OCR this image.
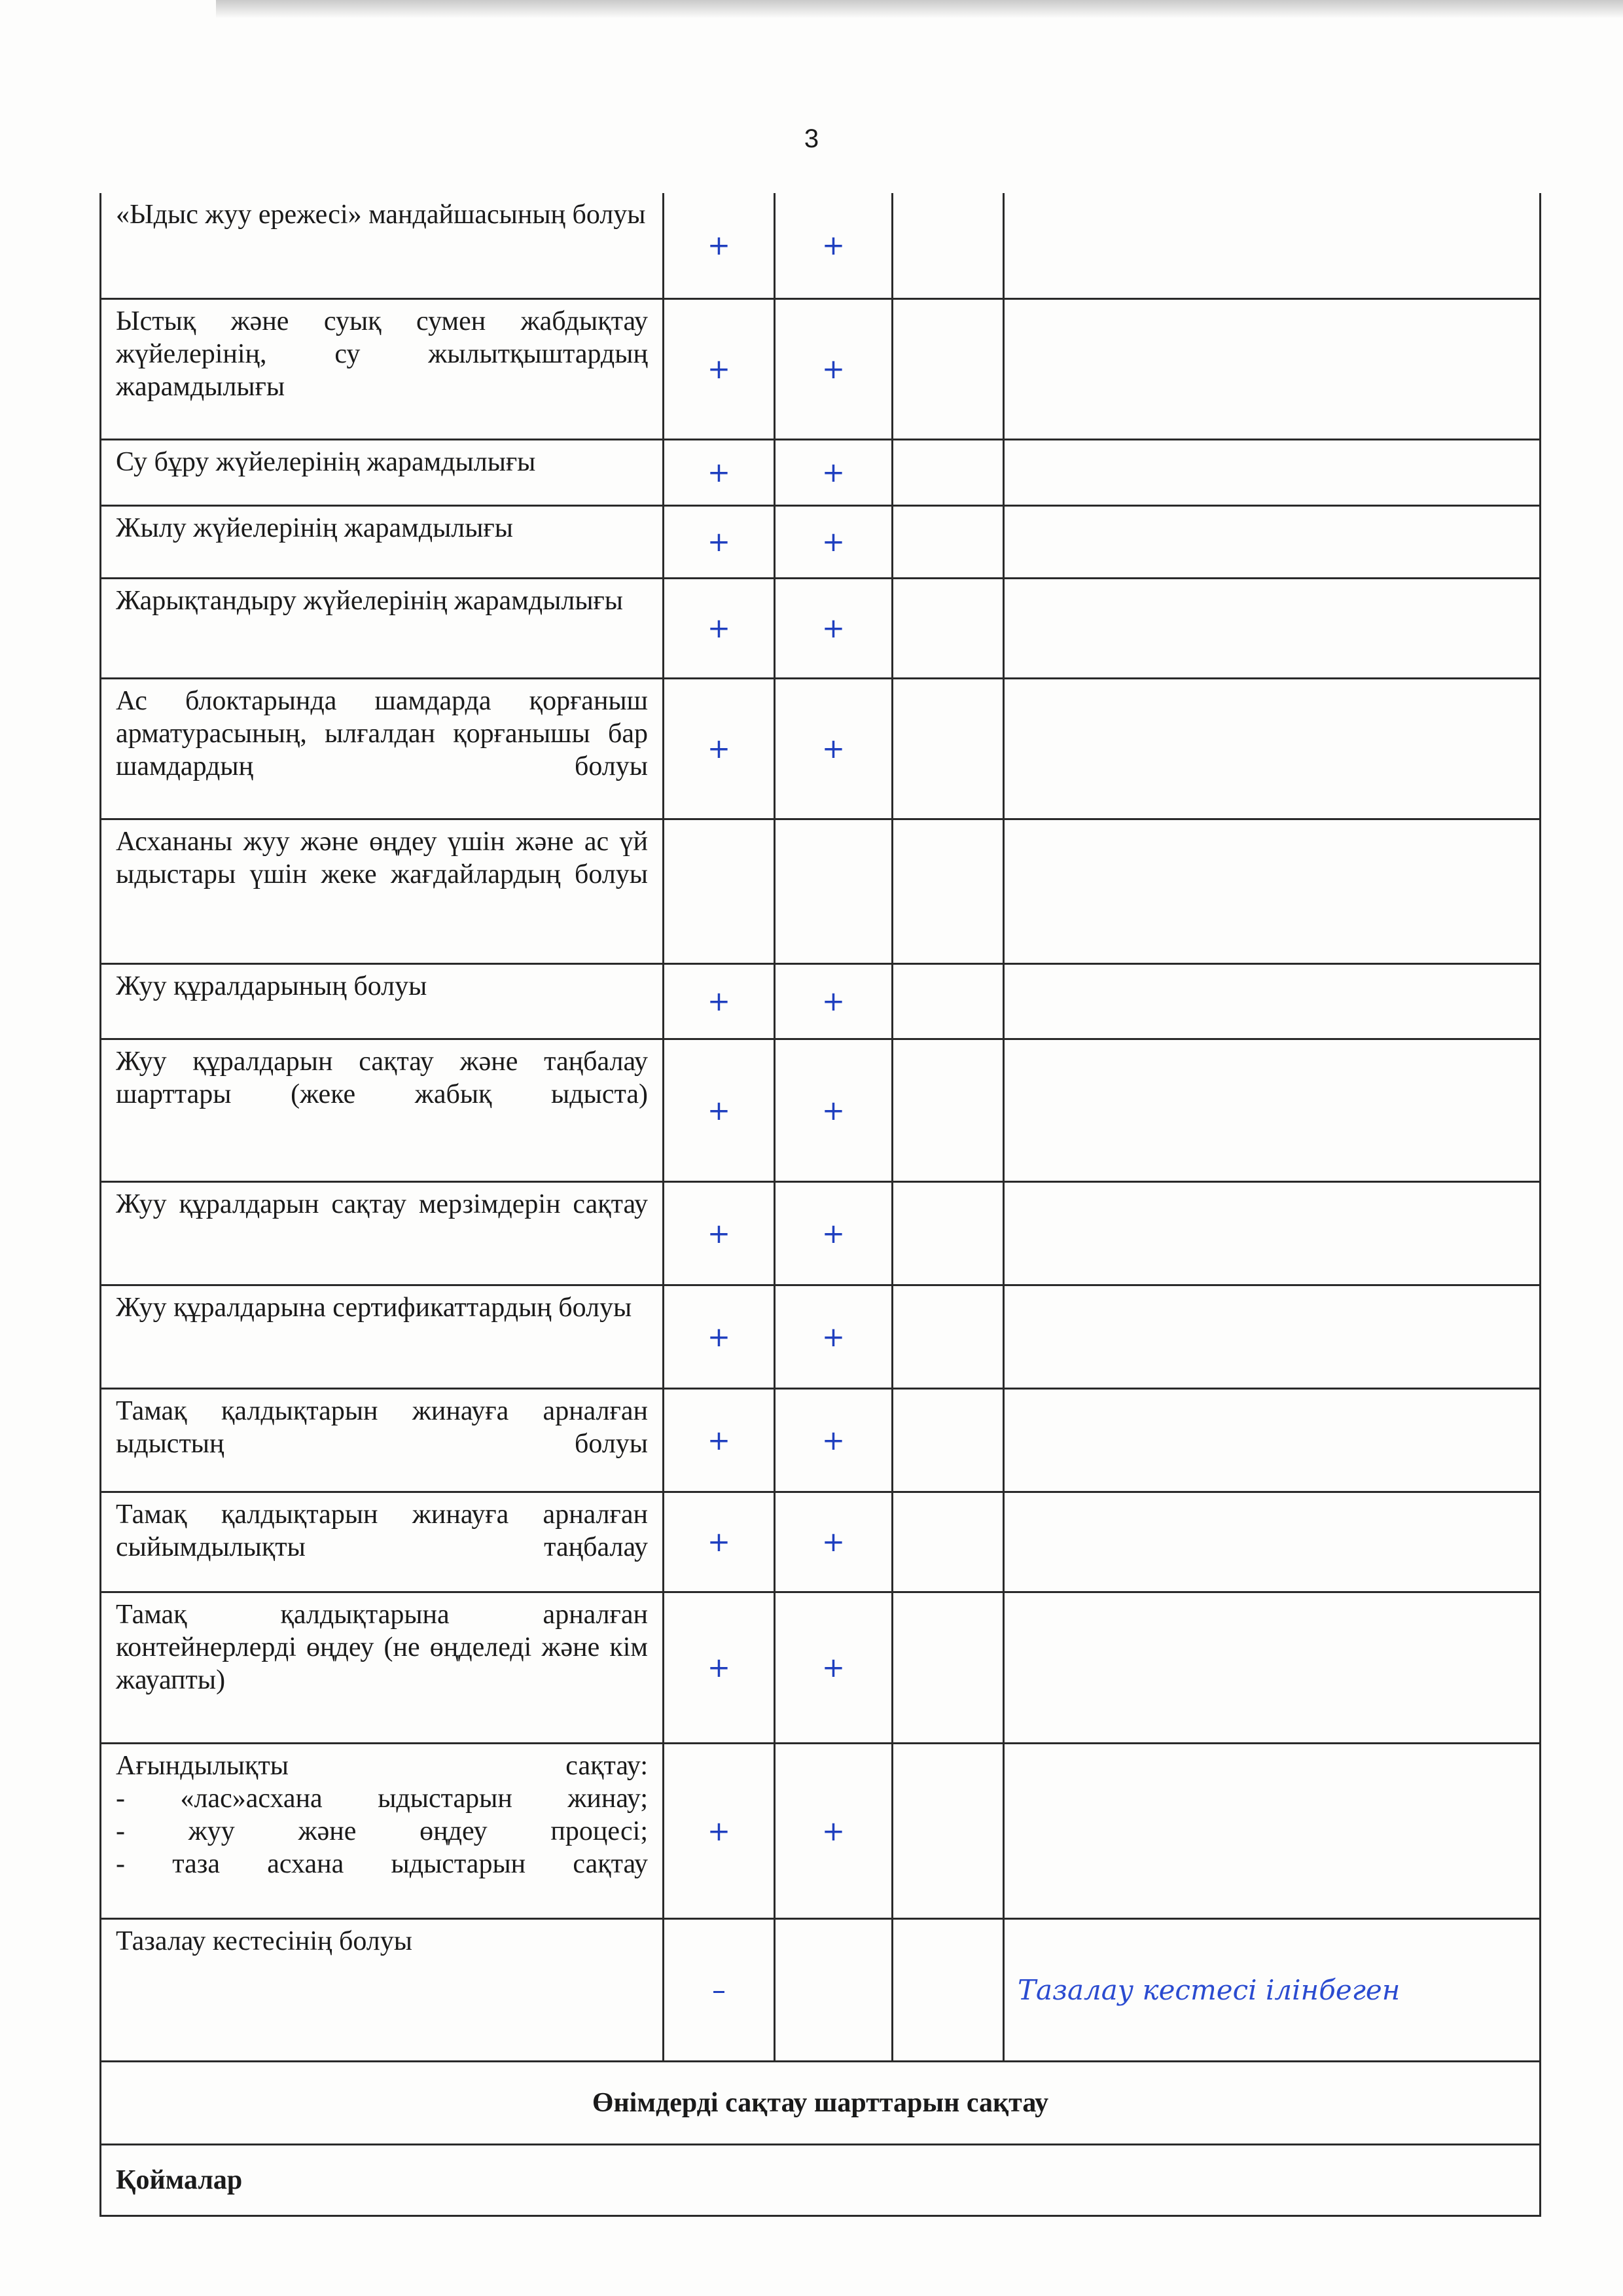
3
«Ыдыс жуу ережесі» мандайшасының болуы	+	+		
Ыстық және суық сумен жабдықтау жүйелерінің, су жылытқыштардың жарамдылығы	+	+		
Су бұру жүйелерінің жарамдылығы	+	+		
Жылу жүйелерінің жарамдылығы	+	+		
Жарықтандыру жүйелерінің жарамдылығы	+	+		
Ас блоктарында шамдарда қорғаныш арматурасының, ылғалдан қорғанышы бар шамдардың болуы	+	+		
Асхананы жуу және өңдеу үшін және ас үй ыдыстары үшін жеке жағдайлардың болуы				
Жуу құралдарының болуы	+	+		
Жуу құралдарын сақтау және таңбалау шарттары (жеке жабық ыдыста)	+	+		
Жуу құралдарын сақтау мерзімдерін сақтау	+	+		
Жуу құралдарына сертификаттардың болуы	+	+		
Тамақ қалдықтарын жинауға арналған ыдыстың болуы	+	+		
Тамақ қалдықтарын жинауға арналған сыйымдылықты таңбалау	+	+		
Тамақ қалдықтарына арналған контейнерлерді өңдеу (не өңделеді және кім жауапты)	+	+		
Ағындылықты сақтау:
- «лас»асхана ыдыстарын жинау;
- жуу және өңдеу процесі;
- таза асхана ыдыстарын сақтау	+	+		
Тазалау кестесінің болуы	–			Тазалау кестесі ілінбеген
Өнімдерді сақтау шарттарын сақтау				
Қоймалар				
